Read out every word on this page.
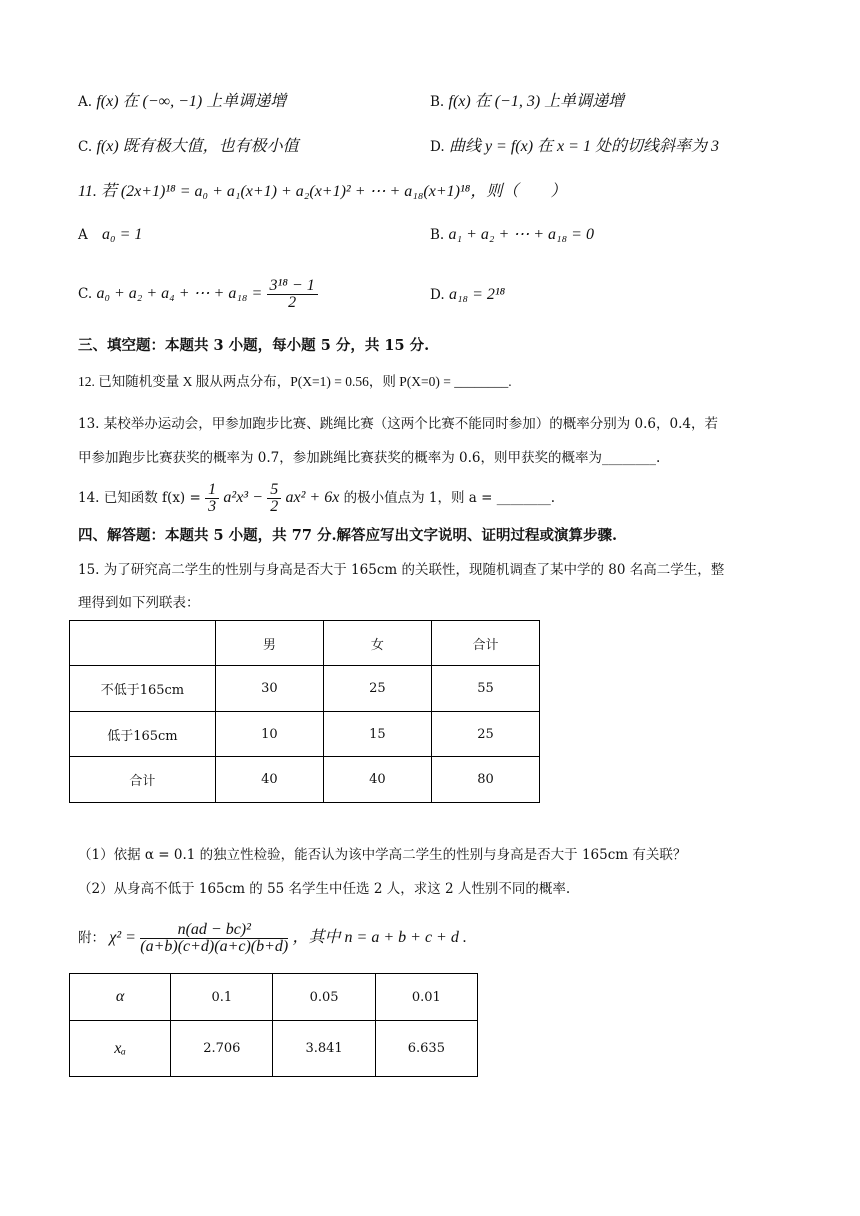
A. f(x) 在 (−∞, −1) 上单调递增	B. f(x) 在 (−1, 3) 上单调递增
C. f(x) 既有极大值，也有极小值	D. 曲线 y = f(x) 在 x = 1 处的切线斜率为 3
11. 若 (2x+1)¹⁸ = a₀ + a₁(x+1) + a₂(x+1)² + ⋯ + a₁₈(x+1)¹⁸，则（　　）
A a₀ = 1	B. a₁ + a₂ + ⋯ + a₁₈ = 0
C. a₀ + a₂ + a₄ + ⋯ + $a_{18} = \frac{\text{3¹⁸ − 1}}{2}$	D. a₁₈ = 2¹⁸
三、填空题：本题共 3 小题，每小题 5 分，共 15 分.
12. 已知随机变量 X 服从两点分布，P(X=1) = 0.56，则 P(X=0) = ________.
13. 某校举办运动会，甲参加跑步比赛、跳绳比赛（这两个比赛不能同时参加）的概率分别为 0.6，0.4，若
甲参加跑步比赛获奖的概率为 0.7，参加跳绳比赛获奖的概率为 0.6，则甲获奖的概率为________.
14. 已知函数 $f(x) = \frac{1}{3} a^2x^3 - \frac{5}{2} ax^2 + 6x$ 的极小值点为 1，则 a = ________.
四、解答题：本题共 5 小题，共 77 分.解答应写出文字说明、证明过程或演算步骤.
15. 为了研究高二学生的性别与身高是否大于 165cm 的关联性，现随机调查了某中学的 80 名高二学生，整
理得到如下列联表：
	男	女	合计
不低于165cm	30	25	55
低于165cm	10	15	25
合计	40	40	80
（1）依据 α = 0.1 的独立性检验，能否认为该中学高二学生的性别与身高是否大于 165cm 有关联？
（2）从身高不低于 165cm 的 55 名学生中任选 2 人，求这 2 人性别不同的概率.
附： $\chi^2 = \frac{\text{n(ad − bc)²}}{(a+b)(c+d)(a+c)(b+d)}$ ，其中 n = a + b + c + d .
α	0.1	0.05	0.01
xₐ	2.706	3.841	6.635
